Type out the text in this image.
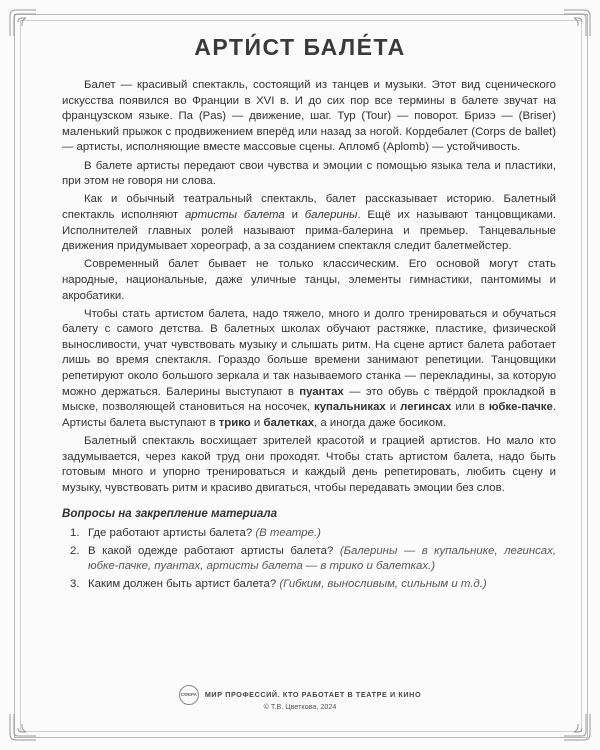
АРТИ́СТ БАЛЕ́ТА

Балет — красивый спектакль, состоящий из танцев и музыки. Этот вид сценического искусства появился во Франции в XVI в. И до сих пор все термины в балете звучат на французском языке. Па (Pas) — движение, шаг. Тур (Tour) — поворот. Бризэ — (Briser) маленький прыжок с продвижением вперёд или назад за ногой. Кордебалет (Corps de ballet) — артисты, исполняющие вместе массовые сцены. Апломб (Aplomb) — устойчивость.

В балете артисты передают свои чувства и эмоции с помощью языка тела и пластики, при этом не говоря ни слова.

Как и обычный театральный спектакль, балет рассказывает историю. Балетный спектакль исполняют артисты балета и балерины. Ещё их называют танцовщиками. Исполнителей главных ролей называют прима-балерина и премьер. Танцевальные движения придумывает хореограф, а за созданием спектакля следит балетмейстер.

Современный балет бывает не только классическим. Его основой могут стать народные, национальные, даже уличные танцы, элементы гимнастики, пантомимы и акробатики.

Чтобы стать артистом балета, надо тяжело, много и долго тренироваться и обучаться балету с самого детства. В балетных школах обучают растяжке, пластике, физической выносливости, учат чувствовать музыку и слышать ритм. На сцене артист балета работает лишь во время спектакля. Гораздо больше времени занимают репетиции. Танцовщики репетируют около большого зеркала и так называемого станка — перекладины, за которую можно держаться. Балерины выступают в пуантах — это обувь с твёрдой прокладкой в мыске, позволяющей становиться на носочек, купальниках и легинсах или в юбке-пачке. Артисты балета выступают в трико и балетках, а иногда даже босиком.

Балетный спектакль восхищает зрителей красотой и грацией артистов. Но мало кто задумывается, через какой труд они проходят. Чтобы стать артистом балета, надо быть готовым много и упорно тренироваться и каждый день репетировать, любить сцену и музыку, чувствовать ритм и красиво двигаться, чтобы передавать эмоции без слов.

Вопросы на закрепление материала
1. Где работают артисты балета? (В театре.)
2. В какой одежде работают артисты балета? (Балерины — в купальнике, легинсах, юбке-пачке, пуантах, артисты балета — в трико и балетках.)
3. Каким должен быть артист балета? (Гибким, выносливым, сильным и т.д.)
СФЕРА МИР ПРОФЕССИЙ. КТО РАБОТАЕТ В ТЕАТРЕ И КИНО
© Т.В. Цветкова, 2024
